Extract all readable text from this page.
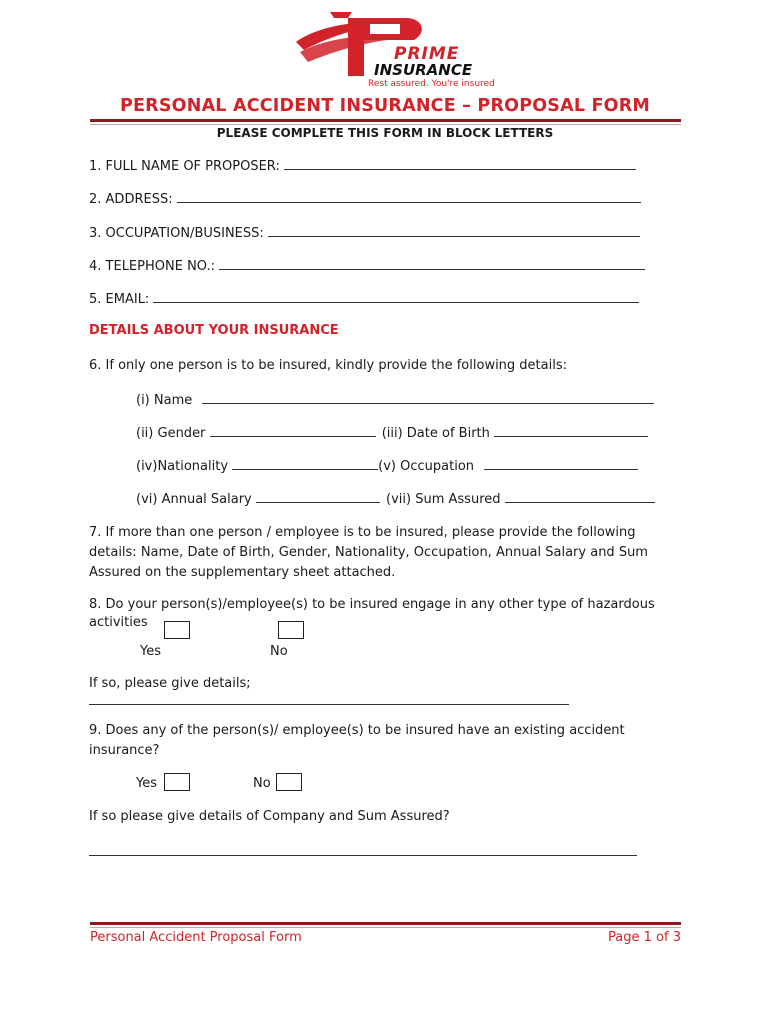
PRIME
INSURANCE
Rest assured. You're insured
PERSONAL ACCIDENT INSURANCE – PROPOSAL FORM
PLEASE COMPLETE THIS FORM IN BLOCK LETTERS
1. FULL NAME OF PROPOSER:
2. ADDRESS:
3. OCCUPATION/BUSINESS:
4. TELEPHONE NO.:
5. EMAIL:
DETAILS ABOUT YOUR INSURANCE
6. If only one person is to be insured, kindly provide the following details:
(i) Name
(ii) Gender	(iii) Date of Birth
(iv)Nationality	(v) Occupation
(vi) Annual Salary	(vii) Sum Assured
7. If more than one person / employee is to be insured, please provide the following
details: Name, Date of Birth, Gender, Nationality, Occupation, Annual Salary and Sum
Assured on the supplementary sheet attached.
8. Do your person(s)/employee(s) to be insured engage in any other type of hazardous
activities
Yes	No
If so, please give details;
9. Does any of the person(s)/ employee(s) to be insured have an existing accident
insurance?
Yes	No
If so please give details of Company and Sum Assured?
Personal Accident Proposal Form	Page 1 of 3
